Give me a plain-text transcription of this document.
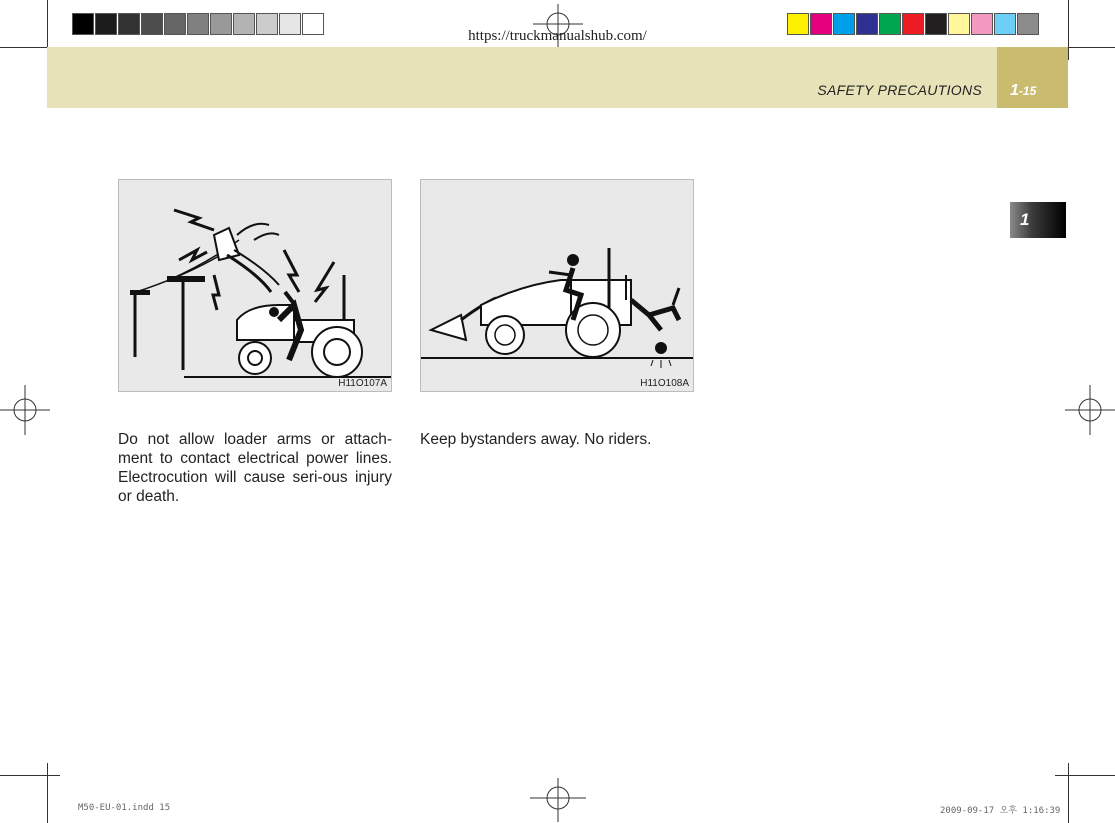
SAFETY PRECAUTIONS 1-15
https://truckmanualshub.com/
1
H11O107A
Do not allow loader arms or attach-ment to contact electrical power lines. Electrocution will cause seri-ous injury or death.
H11O108A
Keep bystanders away. No riders.
M50-EU-01.indd 15	2009-09-17 오후 1:16:39
